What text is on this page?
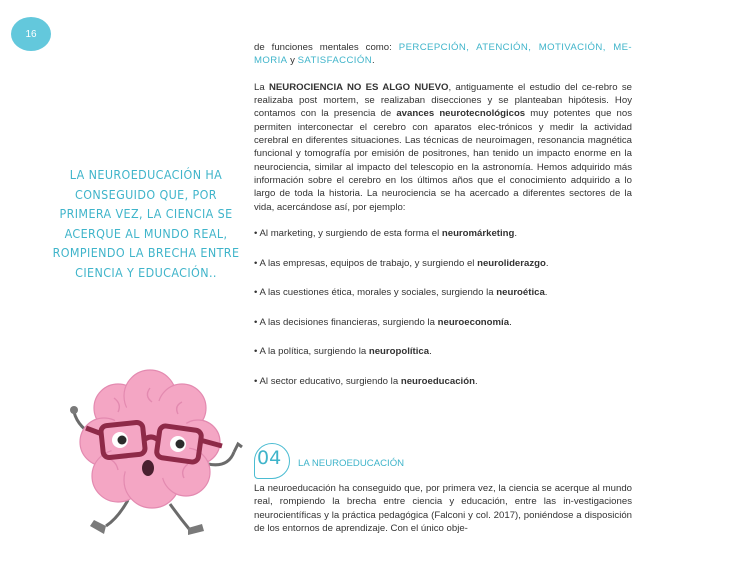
16
LA NEUROEDUCACIÓN HA CONSEGUIDO QUE, POR PRIMERA VEZ, LA CIENCIA SE ACERQUE AL MUNDO REAL, ROMPIENDO LA BRECHA ENTRE CIENCIA Y EDUCACIÓN..

de funciones mentales como: PERCEPCIÓN, ATENCIÓN, MOTIVACIÓN, ME-MORIA y SATISFACCIÓN.

La NEUROCIENCIA NO ES ALGO NUEVO, antiguamente el estudio del ce-rebro se realizaba post mortem, se realizaban disecciones y se planteaban hipótesis. Hoy contamos con la presencia de avances neurotecnológicos muy potentes que nos permiten interconectar el cerebro con aparatos elec-trónicos y medir la actividad cerebral en diferentes situaciones. Las técnicas de neuroimagen, resonancia magnética funcional y tomografía por emisión de positrones, han tenido un impacto enorme en la neurociencia, similar al impacto del telescopio en la astronomía. Hemos adquirido más información sobre el cerebro en los últimos años que el conocimiento adquirido a lo largo de toda la historia. La neurociencia se ha acercado a diferentes sectores de la vida, acercándose así, por ejemplo:

• Al marketing, y surgiendo de esta forma el neuromárketing.

• A las empresas, equipos de trabajo, y surgiendo el neuroliderazgo.

• A las cuestiones ética, morales y sociales, surgiendo la neuroética.

• A las decisiones financieras, surgiendo la neuroeconomía.

• A la política, surgiendo la neuropolítica.

• Al sector educativo, surgiendo la neuroeducación.

04 LA NEUROEDUCACIÓN
La neuroeducación ha conseguido que, por primera vez, la ciencia se acerque al mundo real, rompiendo la brecha entre ciencia y educación, entre las in-vestigaciones neurocientíficas y la práctica pedagógica (Falconi y col. 2017), poniéndose a disposición de los entornos de aprendizaje. Con el único obje-
